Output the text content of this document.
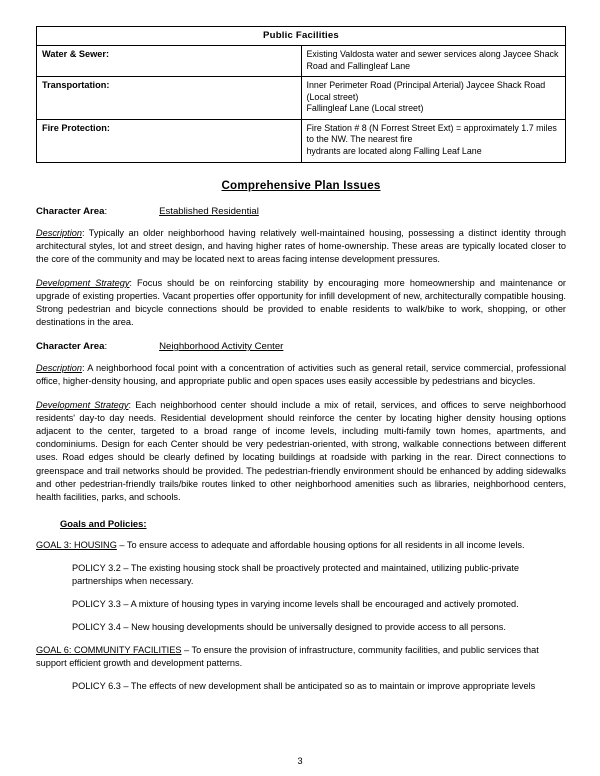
Public Facilities	
Water & Sewer:	Existing Valdosta water and sewer services along Jaycee Shack Road and Fallingleaf Lane

Transportation:	Inner Perimeter Road (Principal Arterial) Jaycee Shack Road (Local street)
Fallingleaf Lane (Local street)

Fire Protection:	Fire Station # 8 (N Forrest Street Ext) = approximately 1.7 miles to the NW. The nearest fire
hydrants are located along Falling Leaf Lane
Comprehensive Plan Issues
Character Area:	Established Residential

Description: Typically an older neighborhood having relatively well-maintained housing, possessing a distinct identity through architectural styles, lot and street design, and having higher rates of home-ownership. These areas are typically located closer to the core of the community and may be located next to areas facing intense development pressures.

Development Strategy: Focus should be on reinforcing stability by encouraging more homeownership and maintenance or upgrade of existing properties. Vacant properties offer opportunity for infill development of new, architecturally compatible housing. Strong pedestrian and bicycle connections should be provided to enable residents to walk/bike to work, shopping, or other destinations in the area.

Character Area:	Neighborhood Activity Center

Description: A neighborhood focal point with a concentration of activities such as general retail, service commercial, professional office, higher-density housing, and appropriate public and open spaces uses easily accessible by pedestrians and bicycles.

Development Strategy: Each neighborhood center should include a mix of retail, services, and offices to serve neighborhood residents' day-to day needs. Residential development should reinforce the center by locating higher density housing options adjacent to the center, targeted to a broad range of income levels, including multi-family town homes, apartments, and condominiums. Design for each Center should be very pedestrian-oriented, with strong, walkable connections between different uses. Road edges should be clearly defined by locating buildings at roadside with parking in the rear. Direct connections to greenspace and trail networks should be provided. The pedestrian-friendly environment should be enhanced by adding sidewalks and other pedestrian-friendly trails/bike routes linked to other neighborhood amenities such as libraries, neighborhood centers, health facilities, parks, and schools.

Goals and Policies:

GOAL 3: HOUSING – To ensure access to adequate and affordable housing options for all residents in all income levels.

POLICY 3.2 – The existing housing stock shall be proactively protected and maintained, utilizing public-private partnerships when necessary.

POLICY 3.3 – A mixture of housing types in varying income levels shall be encouraged and actively promoted.

POLICY 3.4 – New housing developments should be universally designed to provide access to all persons.

GOAL 6: COMMUNITY FACILITIES – To ensure the provision of infrastructure, community facilities, and public services that support efficient growth and development patterns.

POLICY 6.3 – The effects of new development shall be anticipated so as to maintain or improve appropriate levels

3
